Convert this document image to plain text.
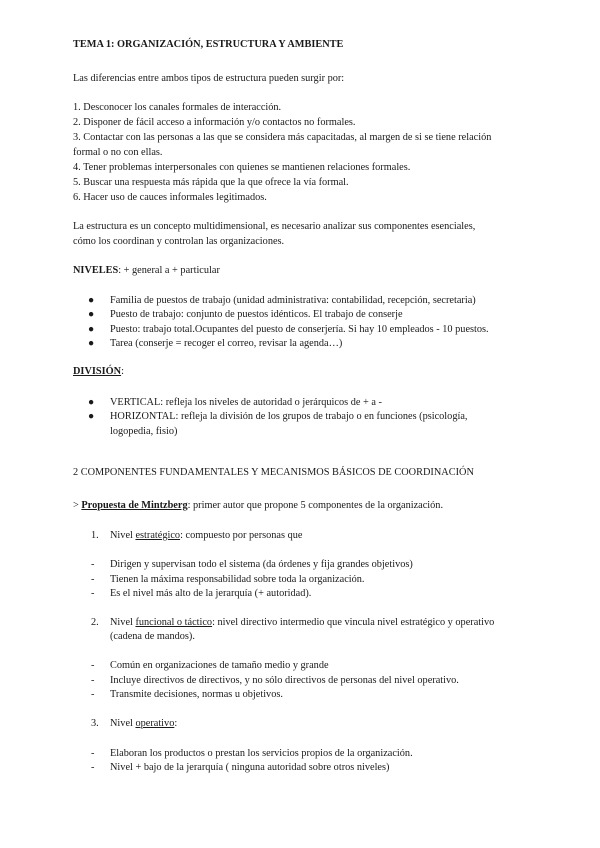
TEMA 1: ORGANIZACIÓN, ESTRUCTURA Y AMBIENTE
Las diferencias entre ambos tipos de estructura pueden surgir por:
1. Desconocer los canales formales de interacción.
2. Disponer de fácil acceso a información y/o contactos no formales.
3. Contactar con las personas a las que se considera más capacitadas, al margen de si se tiene relación
formal o no con ellas.
4. Tener problemas interpersonales con quienes se mantienen relaciones formales.
5. Buscar una respuesta más rápida que la que ofrece la vía formal.
6. Hacer uso de cauces informales legitimados.
La estructura es un concepto multidimensional, es necesario analizar sus componentes esenciales,
cómo los coordinan y controlan las organizaciones.
NIVELES: + general a + particular
●	Familia de puestos de trabajo (unidad administrativa: contabilidad, recepción, secretaria)
●	Puesto de trabajo: conjunto de puestos idénticos. El trabajo de conserje
●	Puesto: trabajo total.Ocupantes del puesto de conserjería. Si hay 10 empleados - 10 puestos.
●	Tarea (conserje = recoger el correo, revisar la agenda…)
DIVISIÓN:
●	VERTICAL: refleja los niveles de autoridad o jerárquicos de + a -
●	HORIZONTAL: refleja la división de los grupos de trabajo o en funciones (psicología,
logopedia, fisio)
2 COMPONENTES FUNDAMENTALES Y MECANISMOS BÁSICOS DE COORDINACIÓN
> Propuesta de Mintzberg: primer autor que propone 5 componentes de la organización.
1. Nivel estratégico: compuesto por personas que
- Dirigen y supervisan todo el sistema (da órdenes y fija grandes objetivos)
- Tienen la máxima responsabilidad sobre toda la organización.
- Es el nivel más alto de la jerarquía (+ autoridad).
2. Nivel funcional o táctico: nivel directivo intermedio que vincula nivel estratégico y operativo
(cadena de mandos).
- Común en organizaciones de tamaño medio y grande
- Incluye directivos de directivos, y no sólo directivos de personas del nivel operativo.
- Transmite decisiones, normas u objetivos.
3. Nivel operativo:
- Elaboran los productos o prestan los servicios propios de la organización.
- Nivel + bajo de la jerarquía ( ninguna autoridad sobre otros niveles)
